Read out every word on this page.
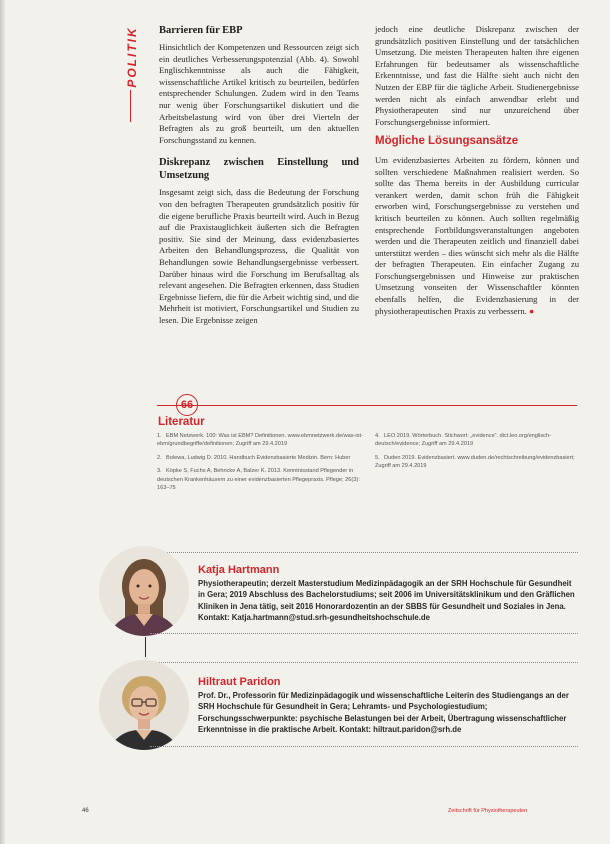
POLITIK Barrieren für EBP

Hinsichtlich der Kompetenzen und Ressourcen zeigt sich ein deutliches Verbesserungspotenzial (Abb. 4). Sowohl Englischkenntnisse als auch die Fähigkeit, wissenschaftliche Artikel kritisch zu beurteilen, bedürfen entsprechender Schulungen. Zudem wird in den Teams nur wenig über Forschungsartikel diskutiert und die Arbeitsbelastung wird von über drei Vierteln der Befragten als zu groß beurteilt, um den aktuellen Forschungsstand zu kennen.

Diskrepanz zwischen Einstellung und Umsetzung

Insgesamt zeigt sich, dass die Bedeutung der Forschung von den befragten Therapeuten grundsätzlich positiv für die eigene berufliche Praxis beurteilt wird. Auch in Bezug auf die Praxistauglichkeit äußerten sich die Befragten positiv. Sie sind der Meinung, dass evidenzbasiertes Arbeiten den Behandlungsprozess, die Qualität von Behandlungen sowie Behandlungsergebnisse verbessert. Darüber hinaus wird die Forschung im Berufsalltag als relevant angesehen. Die Befragten erkennen, dass Studien Ergebnisse liefern, die für die Arbeit wichtig sind, und die Mehrheit ist motiviert, Forschungsartikel und Studien zu lesen. Die Ergebnisse zeigen

jedoch eine deutliche Diskrepanz zwischen der grundsätzlich positiven Einstellung und der tatsächlichen Umsetzung. Die meisten Therapeuten halten ihre eigenen Erfahrungen für bedeutsamer als wissenschaftliche Erkenntnisse, und fast die Hälfte sieht auch nicht den Nutzen der EBP für die tägliche Arbeit. Studienergebnisse werden nicht als einfach anwendbar erlebt und Physiotherapeuten sind nur unzureichend über Forschungsergebnisse informiert.

Mögliche Lösungsansätze

Um evidenzbasiertes Arbeiten zu fördern, können und sollten verschiedene Maßnahmen realisiert werden. So sollte das Thema bereits in der Ausbildung curricular verankert werden, damit schon früh die Fähigkeit erworben wird, Forschungsergebnisse zu verstehen und kritisch beurteilen zu können. Auch sollten regelmäßig entsprechende Fortbildungsveranstaltungen angeboten werden und die Therapeuten zeitlich und finanziell dabei unterstützt werden – dies wünscht sich mehr als die Hälfte der befragten Therapeuten. Ein einfacher Zugang zu Forschungsergebnissen und Hinweise zur praktischen Umsetzung vonseiten der Wissenschaftler könnten ebenfalls helfen, die Evidenzbasierung in der physiotherapeutischen Praxis zu verbessern. ●

66
Literatur
1. EBM Netzwerk. 100: Was ist EBM? Definitionen. www.ebmnetzwerk.de/was-ist-ebm/grundbegriffe/definitionen; Zugriff am 29.4.2019
2. Bolewa, Ludwig D. 2010. Handbuch Evidenzbasierte Medizin. Bern: Huber
3. Köpke S, Fuchs A, Behncke A, Balzer K. 2013. Kenntnisstand Pflegender in deutschen Krankenhäusern zu einer evidenzbasierten Pflegepraxis. Pflege; 26(3): 163–75
4. LEO 2019. Wörterbuch. Stichwort: „evidence“. dict.leo.org/englisch-deutsch/evidence; Zugriff am 29.4.2019
5. Duden 2019. Evidenzbasiert. www.duden.de/rechtschreibung/evidenzbasiert; Zugriff am 29.4.2019
Katja Hartmann
Physiotherapeutin; derzeit Masterstudium Medizinpädagogik an der SRH Hochschule für Gesundheit in Gera; 2019 Abschluss des Bachelorstudiums; seit 2006 im Universitätsklinikum und den Gräflichen Kliniken in Jena tätig, seit 2016 Honorardozentin an der SBBS für Gesundheit und Soziales in Jena. Kontakt: Katja.hartmann@stud.srh-gesundheitshochschule.de
Hiltraut Paridon
Prof. Dr., Professorin für Medizinpädagogik und wissenschaftliche Leiterin des Studiengangs an der SRH Hochschule für Gesundheit in Gera; Lehramts- und Psychologiestudium; Forschungsschwerpunkte: psychische Belastungen bei der Arbeit, Übertragung wissenschaftlicher Erkenntnisse in die praktische Arbeit. Kontakt: hiltraut.paridon@srh.de
46	Zeitschrift für Physiotherapeuten
